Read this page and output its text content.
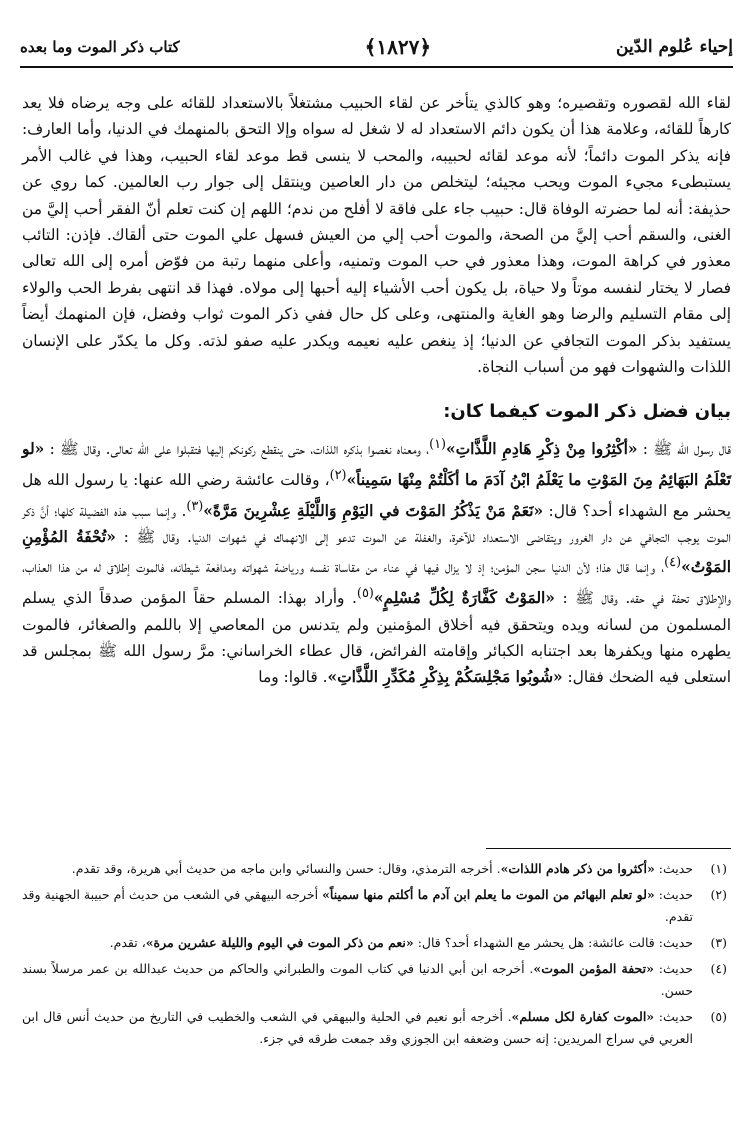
إحياء عُلوم الدّين
﴿١٨٢٧﴾
كتاب ذكر الموت وما بعده

لقاء الله لقصوره وتقصيره؛ وهو كالذي يتأخر عن لقاء الحبيب مشتغلاً بالاستعداد للقائه على وجه يرضاه فلا يعد كارهاً للقائه، وعلامة هذا أن يكون دائم الاستعداد له لا شغل له سواه وإلا التحق بالمنهمك في الدنيا، وأما العارف: فإنه يذكر الموت دائماً؛ لأنه موعد لقائه لحبيبه، والمحب لا ينسى قط موعد لقاء الحبيب، وهذا في غالب الأمر يستبطىء مجيء الموت ويحب مجيئه؛ ليتخلص من دار العاصين وينتقل إلى جوار رب العالمين. كما روي عن حذيفة: أنه لما حضرته الوفاة قال: حبيب جاء على فاقة لا أفلح من ندم؛ اللهم إن كنت تعلم أنّ الفقر أحب إليَّ من الغنى، والسقم أحب إليَّ من الصحة، والموت أحب إلي من العيش فسهل علي الموت حتى ألقاك. فإذن: التائب معذور في كراهة الموت، وهذا معذور في حب الموت وتمنيه، وأعلى منهما رتبة من فوّض أمره إلى الله تعالى فصار لا يختار لنفسه موتاً ولا حياة، بل يكون أحب الأشياء إليه أحبها إلى مولاه. فهذا قد انتهى بفرط الحب والولاء إلى مقام التسليم والرضا وهو الغاية والمنتهى، وعلى كل حال ففي ذكر الموت ثواب وفضل، فإن المنهمك أيضاً يستفيد بذكر الموت التجافي عن الدنيا؛ إذ ينغص عليه نعيمه ويكدر عليه صفو لذته. وكل ما يكدّر على الإنسان اللذات والشهوات فهو من أسباب النجاة.

بيان فضل ذكر الموت كيفما كان:

قال رسول الله ﷺ : «أكْثِرُوا مِنْ ذِكْرِ هَادِمِ اللَّذَّاتِ»$^{(١)}$، ومعناه نغصوا بذكره اللذات، حتى ينقطع ركونكم إليها فتقبلوا على الله تعالى. وقال ﷺ : «لو تَعْلَمُ البَهَائِمُ مِنَ المَوْتِ ما يَعْلَمُ ابْنُ آدَمَ ما أكَلْتُمْ مِنْهَا سَمِيناً»$^{(٢)}$، وقالت عائشة رضي الله عنها: يا رسول الله هل يحشر مع الشهداء أحد؟ قال: «نَعَمْ مَنْ يَذْكُرُ المَوْتَ في اليَوْمِ وَاللَّيْلَةِ عِشْرِينَ مَرَّةً»$^{(٣)}$. وإنما سبب هذه الفضيلة كلها؛ أنَّ ذكر الموت يوجب التجافي عن دار الغرور ويتقاضى الاستعداد للآخرة، والغفلة عن الموت تدعو إلى الانهماك في شهوات الدنيا. وقال ﷺ : «تُحْفَةُ المُؤْمِنِ المَوْتُ»$^{(٤)}$، وإنما قال هذا؛ لأن الدنيا سجن المؤمن؛ إذ لا يزال فيها في عناء من مقاساة نفسه ورياضة شهواته ومدافعة شيطانه، فالموت إطلاق له من هذا العذاب، والإطلاق تحفة في حقه. وقال ﷺ : «المَوْتُ كَفَّارَةٌ لِكُلِّ مُسْلِمٍ»$^{(٥)}$. وأراد بهذا: المسلم حقاً المؤمن صدقاً الذي يسلم المسلمون من لسانه ويده ويتحقق فيه أخلاق المؤمنين ولم يتدنس من المعاصي إلا باللمم والصغائر، فالموت يطهره منها ويكفرها بعد اجتنابه الكبائر وإقامته الفرائض، قال عطاء الخراساني: مرَّ رسول الله ﷺ بمجلس قد استعلى فيه الضحك فقال: «شُوبُوا مَجْلِسَكُمْ بِذِكْرِ مُكَدِّرِ اللَّذَّاتِ». قالوا: وما

(١)
حديث: «أكثروا من ذكر هادم اللذات». أخرجه الترمذي، وقال: حسن والنسائي وابن ماجه من حديث أبي هريرة، وقد تقدم.
(٢)
حديث: «لو تعلم البهائم من الموت ما يعلم ابن آدم ما أكلتم منها سميناً» أخرجه البيهقي في الشعب من حديث أم حبيبة الجهنية وقد تقدم.
(٣)
حديث: قالت عائشة: هل يحشر مع الشهداء أحد؟ قال: «نعم من ذكر الموت في اليوم والليلة عشرين مرة»، تقدم.
(٤)
حديث: «تحفة المؤمن الموت». أخرجه ابن أبي الدنيا في كتاب الموت والطبراني والحاكم من حديث عبدالله بن عمر مرسلاً بسند حسن.
(٥)
حديث: «الموت كفارة لكل مسلم». أخرجه أبو نعيم في الحلية والبيهقي في الشعب والخطيب في التاريخ من حديث أنس قال ابن العربي في سراج المريدين: إنه حسن وضعفه ابن الجوزي وقد جمعت طرقه في جزء.
